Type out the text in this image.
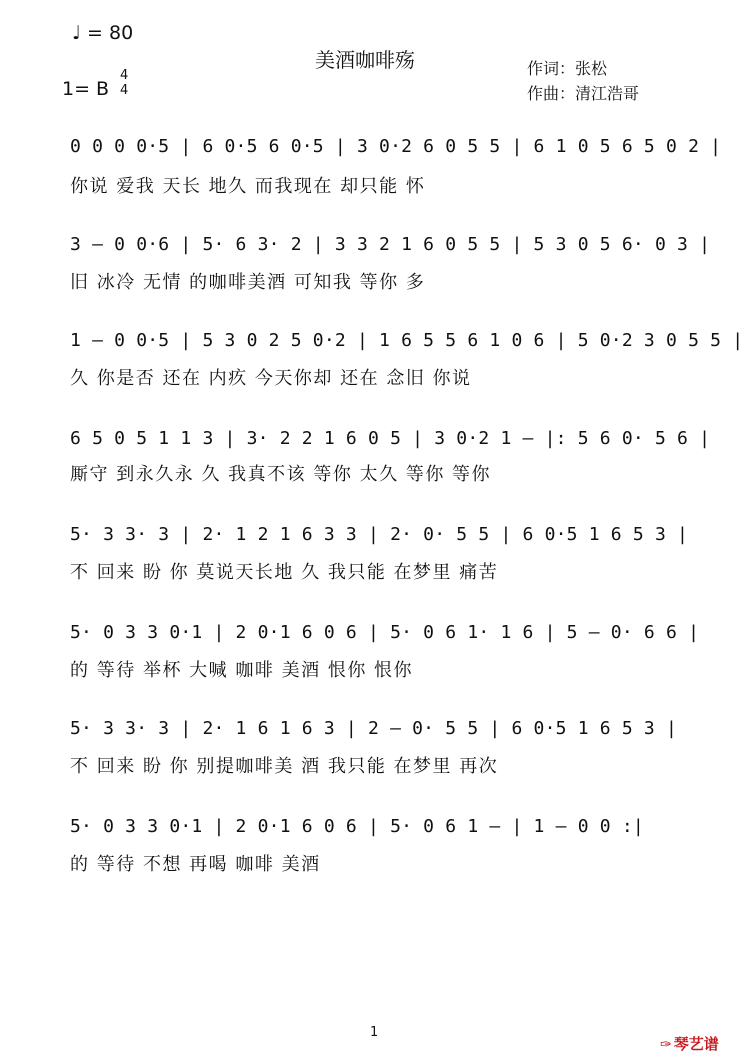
♩ = 80
美酒咖啡殇	作词：张松
作曲：清江浩哥
1= B
4
4
0 0 0 0·5 | 6 0·5 6 0·5 | 3 0·2 6 0 5 5 | 6 1 0 5 6 5 0 2 |
你说 爱我 天长 地久 而我现在 却只能 怀
3 — 0 0·6 | 5· 6 3· 2 | 3 3 2 1 6 0 5 5 | 5 3 0 5 6· 0 3 |
旧 冰冷 无情 的咖啡美酒 可知我 等你 多
1 — 0 0·5 | 5 3 0 2 5 0·2 | 1 6 5 5 6 1 0 6 | 5 0·2 3 0 5 5 |
久 你是否 还在 内疚 今天你却 还在 念旧 你说
6 5 0 5 1 1 3 | 3· 2 2 1 6 0 5 | 3 0·2 1 — |: 5 6 0· 5 6 |
厮守 到永久永 久 我真不该 等你 太久 等你 等你
5· 3 3· 3 | 2· 1 2 1 6 3 3 | 2· 0· 5 5 | 6 0·5 1 6 5 3 |
不 回来 盼 你 莫说天长地 久 我只能 在梦里 痛苦
5· 0 3 3 0·1 | 2 0·1 6 0 6 | 5· 0 6 1· 1 6 | 5 — 0· 6 6 |
的 等待 举杯 大喊 咖啡 美酒 恨你 恨你
5· 3 3· 3 | 2· 1 6 1 6 3 | 2 — 0· 5 5 | 6 0·5 1 6 5 3 |
不 回来 盼 你 别提咖啡美 酒 我只能 在梦里 再次
5· 0 3 3 0·1 | 2 0·1 6 0 6 | 5· 0 6 1 — | 1 — 0 0 :|
的 等待 不想 再喝 咖啡 美酒
1
✑ 琴艺谱
